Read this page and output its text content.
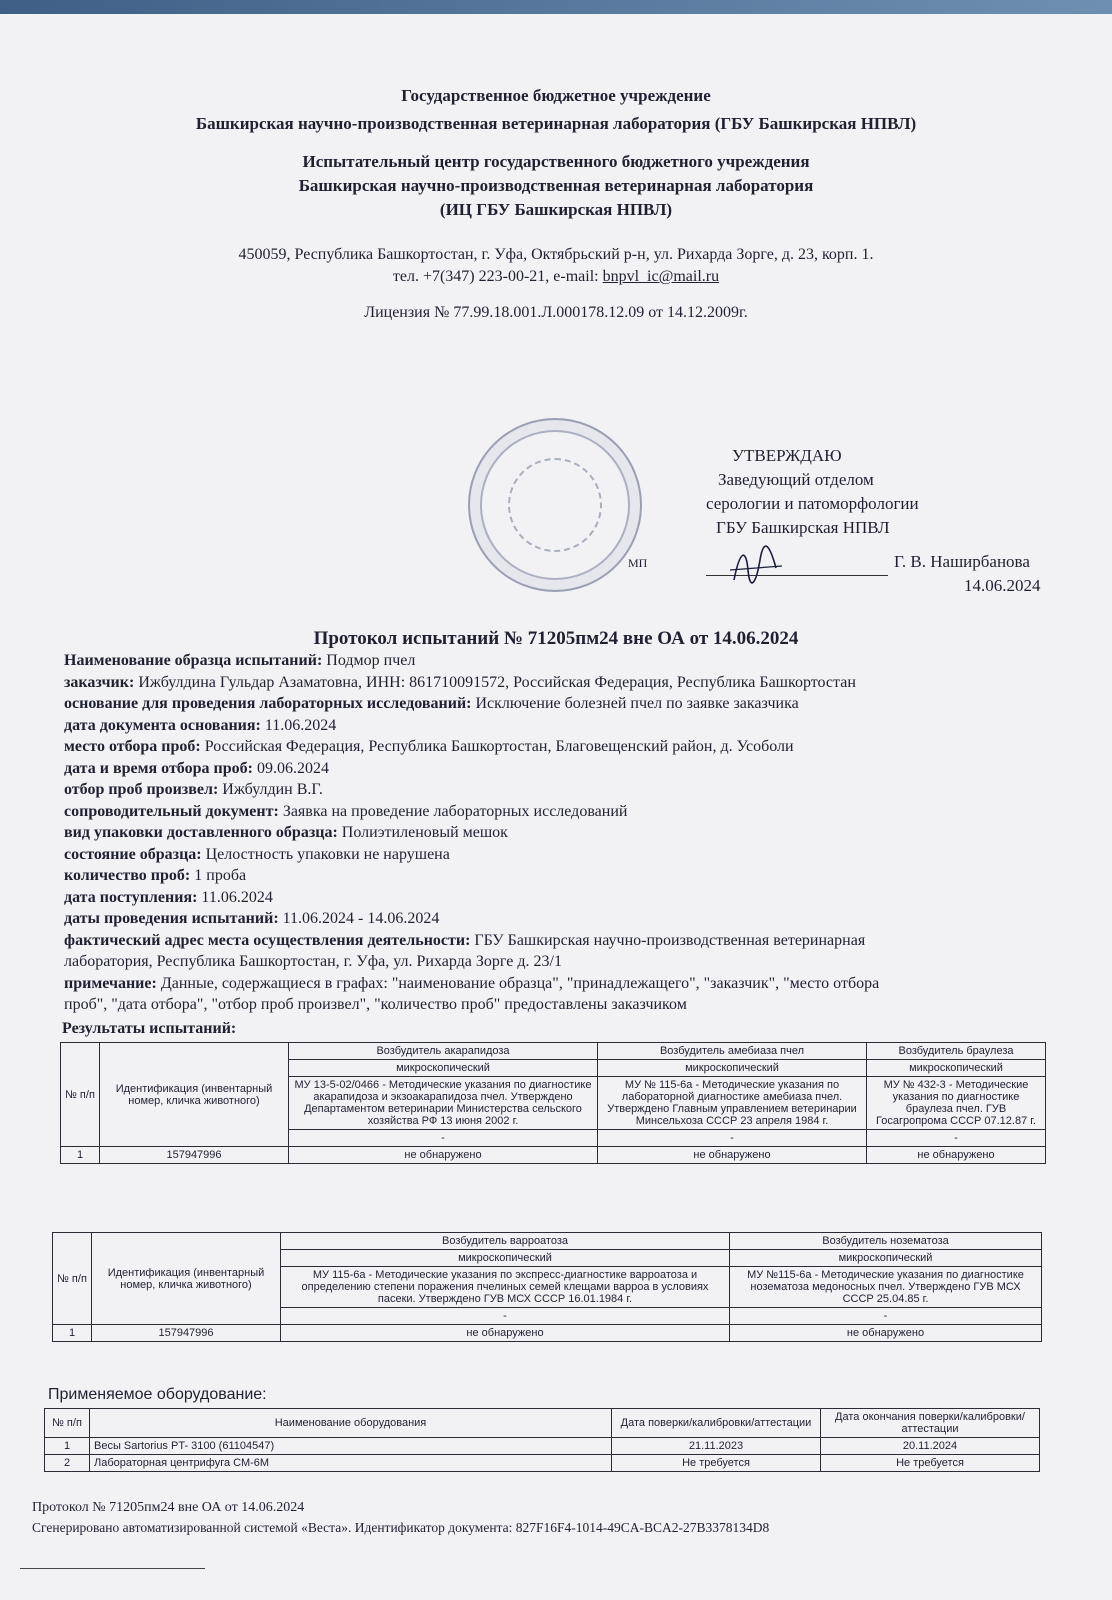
Государственное бюджетное учреждение
Башкирская научно-производственная ветеринарная лаборатория (ГБУ Башкирская НПВЛ)
Испытательный центр государственного бюджетного учреждения
Башкирская научно-производственная ветеринарная лаборатория
(ИЦ ГБУ Башкирская НПВЛ)
450059, Республика Башкортостан, г. Уфа, Октябрьский р-н, ул. Рихарда Зорге, д. 23, корп. 1.
тел. +7(347) 223-00-21, e-mail: bnpvl_ic@mail.ru
Лицензия № 77.99.18.001.Л.000178.12.09 от 14.12.2009г.
МП
УТВЕРЖДАЮ
Заведующий отделом
серологии и патоморфологии
ГБУ Башкирская НПВЛ
Г. В. Наширбанова
14.06.2024
Протокол испытаний № 71205пм24 вне ОА от 14.06.2024
Наименование образца испытаний: Подмор пчел
заказчик: Ижбулдина Гульдар Азаматовна, ИНН: 861710091572, Российская Федерация, Республика Башкортостан
основание для проведения лабораторных исследований: Исключение болезней пчел по заявке заказчика
дата документа основания: 11.06.2024
место отбора проб: Российская Федерация, Республика Башкортостан, Благовещенский район, д. Усоболи
дата и время отбора проб: 09.06.2024
отбор проб произвел: Ижбулдин В.Г.
сопроводительный документ: Заявка на проведение лабораторных исследований
вид упаковки доставленного образца: Полиэтиленовый мешок
состояние образца: Целостность упаковки не нарушена
количество проб: 1 проба
дата поступления: 11.06.2024
даты проведения испытаний: 11.06.2024 - 14.06.2024
фактический адрес места осуществления деятельности: ГБУ Башкирская научно-производственная ветеринарная
лаборатория, Республика Башкортостан, г. Уфа, ул. Рихарда Зорге д. 23/1
примечание: Данные, содержащиеся в графах: "наименование образца", "принадлежащего", "заказчик", "место отбора
проб", "дата отбора", "отбор проб произвел", "количество проб" предоставлены заказчиком
Результаты испытаний:
№ п/п	Идентификация (инвентарный номер, кличка животного)	Возбудитель акарапидоза	Возбудитель амебиаза пчел	Возбудитель браулеза
		микроскопический	микроскопический	микроскопический
		МУ 13-5-02/0466 - Методические указания по диагностике акарапидоза и экзоакарапидоза пчел. Утверждено Департаментом ветеринарии Министерства сельского хозяйства РФ 13 июня 2002 г.	МУ № 115-6а - Методические указания по лабораторной диагностике амебиаза пчел. Утверждено Главным управлением ветеринарии Минсельхоза СССР 23 апреля 1984 г.	МУ № 432-3 - Методические указания по диагностике браулеза пчел. ГУВ Госагропрома СССР 07.12.87 г.
		-	-	-
1	157947996	не обнаружено	не обнаружено	не обнаружено
№ п/п	Идентификация (инвентарный номер, кличка животного)	Возбудитель варроатоза	Возбудитель нозематоза
		микроскопический	микроскопический
		МУ 115-6а - Методические указания по экспресс-диагностике варроатоза и определению степени поражения пчелиных семей клещами варроа в условиях пасеки. Утверждено ГУВ МСХ СССР 16.01.1984 г.	МУ №115-6а - Методические указания по диагностике нозематоза медоносных пчел. Утверждено ГУВ МСХ СССР 25.04.85 г.
		-	-
1	157947996	не обнаружено	не обнаружено
Применяемое оборудование:
№ п/п	Наименование оборудования	Дата поверки/калибровки/аттестации	Дата окончания поверки/калибровки/аттестации
1	Весы Sartorius PT- 3100 (61104547)	21.11.2023	20.11.2024
2	Лабораторная центрифуга СМ-6М	Не требуется	Не требуется
Протокол № 71205пм24 вне ОА от 14.06.2024
Сгенерировано автоматизированной системой «Веста». Идентификатор документа: 827F16F4-1014-49CA-BCA2-27B3378134D8
